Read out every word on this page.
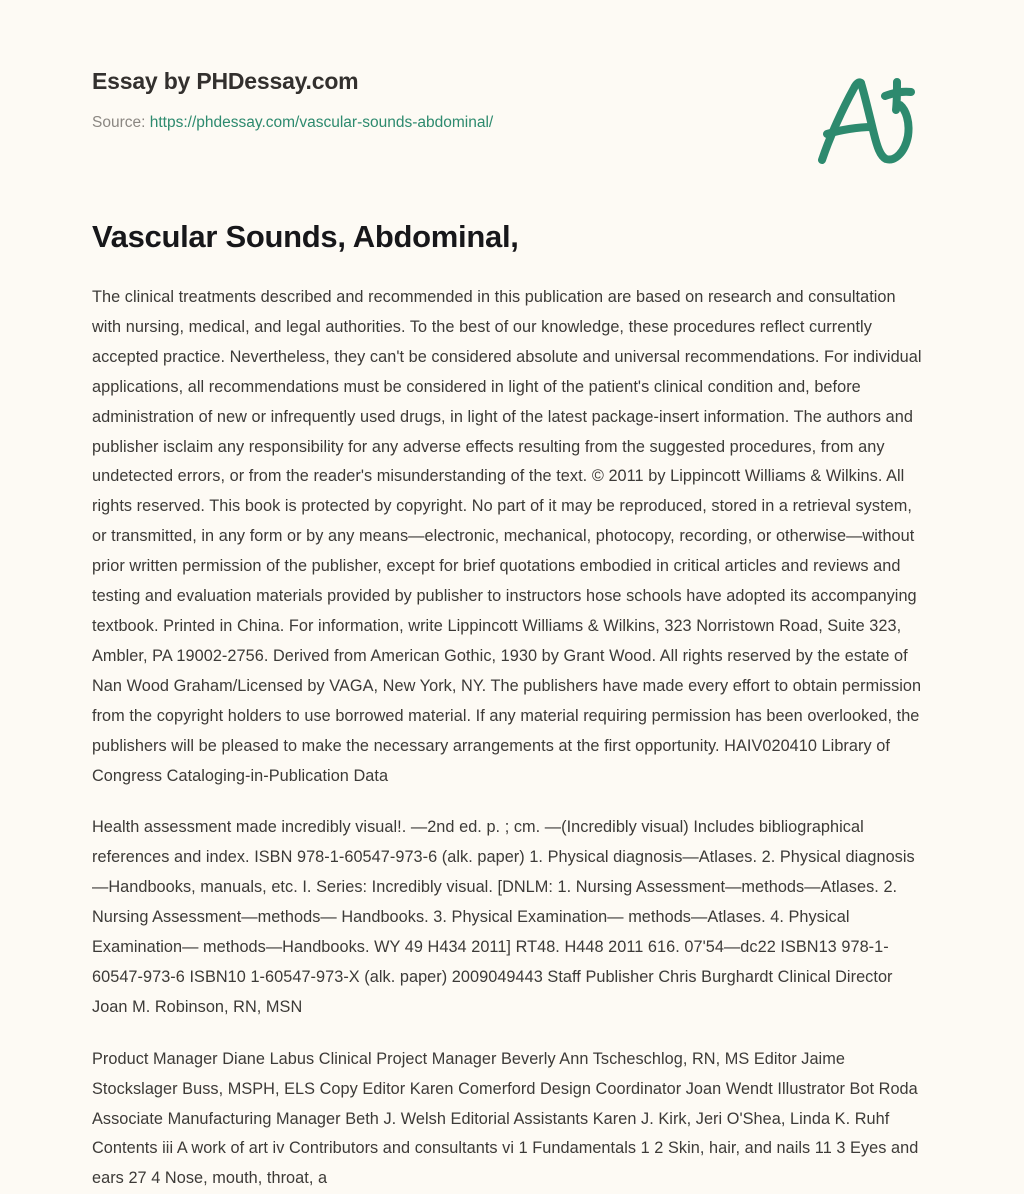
Essay by PHDessay.com
Source: https://phdessay.com/vascular-sounds-abdominal/
Vascular Sounds, Abdominal,

The clinical treatments described and recommended in this publication are based on research and consultation with nursing, medical, and legal authorities. To the best of our knowledge, these procedures reflect currently accepted practice. Nevertheless, they can't be considered absolute and universal recommendations. For individual applications, all recommendations must be considered in light of the patient's clinical condition and, before administration of new or infrequently used drugs, in light of the latest package-insert information. The authors and publisher isclaim any responsibility for any adverse effects resulting from the suggested procedures, from any undetected errors, or from the reader's misunderstanding of the text. © 2011 by Lippincott Williams & Wilkins. All rights reserved. This book is protected by copyright. No part of it may be reproduced, stored in a retrieval system, or transmitted, in any form or by any means—electronic, mechanical, photocopy, recording, or otherwise—without prior written permission of the publisher, except for brief quotations embodied in critical articles and reviews and testing and evaluation materials provided by publisher to instructors hose schools have adopted its accompanying textbook. Printed in China. For information, write Lippincott Williams & Wilkins, 323 Norristown Road, Suite 323, Ambler, PA 19002-2756. Derived from American Gothic, 1930 by Grant Wood. All rights reserved by the estate of Nan Wood Graham/Licensed by VAGA, New York, NY. The publishers have made every effort to obtain permission from the copyright holders to use borrowed material. If any material requiring permission has been overlooked, the publishers will be pleased to make the necessary arrangements at the first opportunity. HAIV020410 Library of Congress Cataloging-in-Publication Data

Health assessment made incredibly visual!. —2nd ed. p. ; cm. —(Incredibly visual) Includes bibliographical references and index. ISBN 978-1-60547-973-6 (alk. paper) 1. Physical diagnosis—Atlases. 2. Physical diagnosis—Handbooks, manuals, etc. I. Series: Incredibly visual. [DNLM: 1. Nursing Assessment—methods—Atlases. 2. Nursing Assessment—methods— Handbooks. 3. Physical Examination— methods—Atlases. 4. Physical Examination— methods—Handbooks. WY 49 H434 2011] RT48. H448 2011 616. 07'54—dc22 ISBN13 978-1-60547-973-6 ISBN10 1-60547-973-X (alk. paper) 2009049443 Staff Publisher Chris Burghardt Clinical Director Joan M. Robinson, RN, MSN

Product Manager Diane Labus Clinical Project Manager Beverly Ann Tscheschlog, RN, MS Editor Jaime Stockslager Buss, MSPH, ELS Copy Editor Karen Comerford Design Coordinator Joan Wendt Illustrator Bot Roda Associate Manufacturing Manager Beth J. Welsh Editorial Assistants Karen J. Kirk, Jeri O'Shea, Linda K. Ruhf Contents iii A work of art iv Contributors and consultants vi 1 Fundamentals 1 2 Skin, hair, and nails 11 3 Eyes and ears 27 4 Nose, mouth, throat, a
